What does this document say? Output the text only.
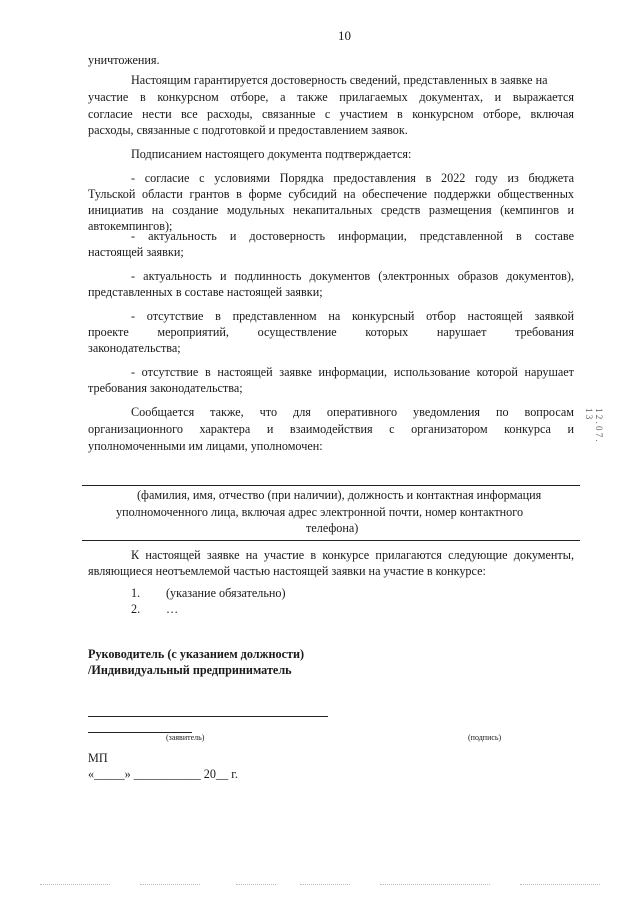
10
уничтожения.
Настоящим гарантируется достоверность сведений, представленных в заявке на
участие в конкурсном отборе, а также прилагаемых документах, и выражается
согласие нести все расходы, связанные с участием в конкурсном отборе, включая
расходы, связанные с подготовкой и предоставлением заявок.
Подписанием настоящего документа подтверждается:
- согласие с условиями Порядка предоставления в 2022 году из бюджета
Тульской области грантов в форме субсидий на обеспечение поддержки общественных
инициатив на создание модульных некапитальных средств размещения (кемпингов и
автокемпингов);
- актуальность и достоверность информации, представленной в составе
настоящей заявки;
- актуальность и подлинность документов (электронных образов документов),
представленных в составе настоящей заявки;
- отсутствие в представленном на конкурсный отбор настоящей заявкой
проекте мероприятий, осуществление которых нарушает требования
законодательства;
- отсутствие в настоящей заявке информации, использование которой нарушает
требования законодательства;
Сообщается также, что для оперативного уведомления по вопросам
организационного характера и взаимодействия с организатором конкурса и
уполномоченными им лицами, уполномочен:
(фамилия, имя, отчество (при наличии), должность и контактная информация
уполномоченного лица, включая адрес электронной почти, номер контактного
телефона)
К настоящей заявке на участие в конкурсе прилагаются следующие документы,
являющиеся неотъемлемой частью настоящей заявки на участие в конкурсе:
1. (указание обязательно)
2. …
Руководитель (с указанием должности)
/Индивидуальный предприниматель
(заявитель)	(подпись)
МП
«_____» ___________ 20__ г.
1 2 . 0 7 . 1 3
